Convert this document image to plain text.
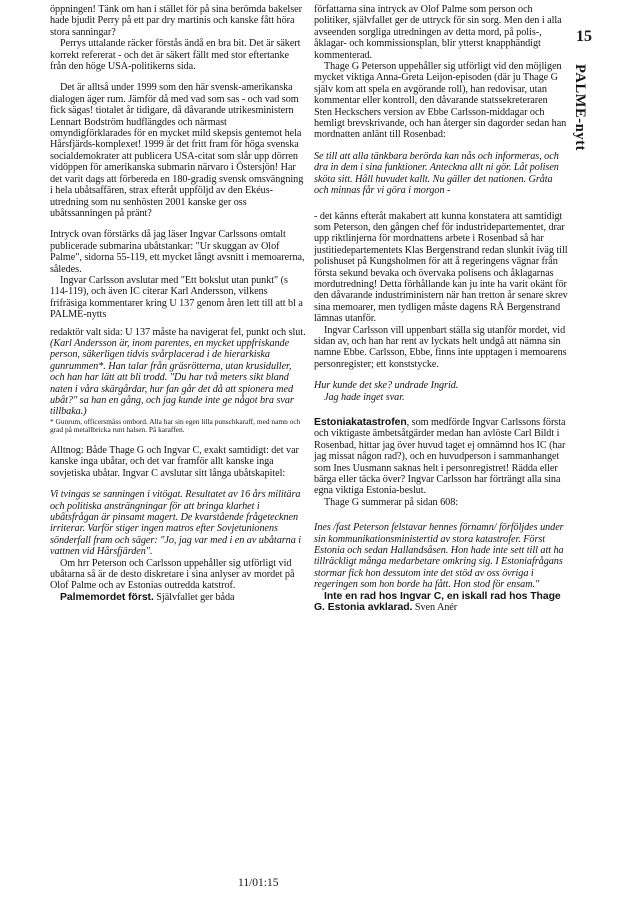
öppningen! Tänk om han i stället för på sina berömda bakelser hade bjudit Perry på ett par dry martinis och kanske fått höra stora sanningar?

Perrys uttalande räcker förstås ändå en bra bit. Det är säkert korrekt refererat - och det är säkert fällt med stor eftertanke från den höge USA-politikerns sida.

Det är alltså under 1999 som den här svensk-amerikanska dialogen äger rum. Jämför då med vad som sas - och vad som fick sägas! tiotalet år tidigare, då dåvarande utrikesministern Lennart Bodström hudflängdes och närmast omyndigförklarades för en mycket mild skepsis gentemot hela Hårsfjärds-komplexet! 1999 är det fritt fram för höga svenska socialdemokrater att publicera USA-citat som slår upp dörren vidöppen för amerikanska submarin närvaro i Östersjön! Har det varit dags att förbereda en 180-gradig svensk omsvängning i hela ubåtsaffären, strax efteråt uppföljd av den Ekéus-utredning som nu senhösten 2001 kanske ger oss ubåtssanningen på pränt?

Intryck ovan förstärks då jag läser Ingvar Carlssons omtalt publicerade submarina ubåtstankar: "Ur skuggan av Olof Palme", sidorna 55-119, ett mycket långt avsnitt i memoarerna, således.

Ingvar Carlsson avslutar med "Ett bokslut utan punkt" (s 114-119), och även IC citerar Karl Andersson, vilkens frifräsiga kommentarer kring U 137 genom åren lett till att bl a PALME-nytts

redaktör valt sida: U 137 måste ha navigerat fel, punkt och slut.

(Karl Andersson är, inom parentes, en mycket uppfriskande person, säkerligen tidvis svårplacerad i de hierarkiska gunrummen*. Han talar från gräsrötterna, utan krusiduller, och han har lätt att bli trodd. "Du har två meters sikt bland naten i våra skärgårdar, hur fan går det då att spionera med ubåt?" sa han en gång, och jag kunde inte ge något bra svar tillbaka.)

* Gunrum, officersmäss ombord. Alla har sin egen lilla punschkaraff, med namn och grad på metallbricka runt halsen. På karaffen.

Alltnog: Både Thage G och Ingvar C, exakt samtidigt: det var kanske inga ubåtar, och det var framför allt kanske inga sovjetiska ubåtar. Ingvar C avslutar sitt långa ubåtskapitel:

Vi tvingas se sanningen i vitögat. Resultatet av 16 års militära och politiska ansträngningar för att bringa klarhet i ubåtsfrågan är pinsamt magert. De kvarstående frågetecknen irriterar. Varför stiger ingen matros efter Sovjetunionens sönderfall fram och säger: "Jo, jag var med i en av ubåtarna i vattnen vid Hårsfjärden".

Om hrr Peterson och Carlsson uppehåller sig utförligt vid ubåtarna så är de desto diskretare i sina anlyser av mordet på Olof Palme och av Estonias outredda katstrof.

Palmemordet först. Självfallet ger båda

författarna sina intryck av Olof Palme som person och politiker, självfallet ger de uttryck för sin sorg. Men den i alla avseenden sorgliga utredningen av detta mord, på polis-, åklagar- och kommissionsplan, blir ytterst knapphändigt kommenterad.

Thage G Peterson uppehåller sig utförligt vid den möjligen mycket viktiga Anna-Greta Leijon-episoden (där ju Thage G själv kom att spela en avgörande roll), han redovisar, utan kommentar eller kontroll, den dåvarande statssekreteraren Sten Heckschers version av Ebbe Carlsson-middagar och hemligt brevskrivande, och han återger sin dagorder sedan han mordnatten anlänt till Rosenbad:

Se till att alla tänkbara berörda kan nås och informeras, och dra in dem i sina funktioner. Anteckna allt ni gör. Låt polisen sköta sitt. Håll huvudet kallt. Nu gäller det nationen. Gråta och minnas får vi göra i morgon -

- det känns efteråt makabert att kunna konstatera att samtidigt som Peterson, den gången chef för industridepartementet, drar upp riktlinjerna för mordnattens arbete i Rosenbad så har justitiedepartementets Klas Bergenstrand redan slunkit iväg till polishuset på Kungsholmen för att å regeringens vägnar från första sekund bevaka och övervaka polisens och åklagarnas mordutredning! Detta förhållande kan ju inte ha varit okänt för den dåvarande industriministern när han tretton år senare skrev sina memoarer, men tydligen måste dagens RÅ Bergenstrand lämnas utanför.

Ingvar Carlsson vill uppenbart ställa sig utanför mordet, vid sidan av, och han har rent av lyckats helt undgå att nämna sin namne Ebbe. Carlsson, Ebbe, finns inte upptagen i memoarens personregister; ett konststycke.

Hur kunde det ske? undrade Ingrid.

Jag hade inget svar.

Estoniakatastrofen, som medförde Ingvar Carlssons första och viktigaste ämbetsåtgärder medan han avlöste Carl Bildt i Rosenbad, hittar jag över huvud taget ej omnämnd hos IC (har jag missat någon rad?), och en huvudperson i sammanhanget som Ines Uusmann saknas helt i personregistret! Rädda eller bärga eller täcka över? Ingvar Carlsson har förträngt alla sina egna viktiga Estonia-beslut.

Thage G summerar på sidan 608:

Ines /fast Peterson felstavar hennes förnamn/ förföljdes under sin kommunikationsministertid av stora katastrofer. Först Estonia och sedan Hallandsåsen. Hon hade inte sett till att ha tillräckligt många medarbetare omkring sig. I Estoniafrågans stormar fick hon dessutom inte det stöd av oss övriga i regeringen som hon borde ha fått. Hon stod för ensam."

Inte en rad hos Ingvar C, en iskall rad hos Thage G. Estonia avklarad. Sven Anér

15
PALME-nytt
11/01:15
